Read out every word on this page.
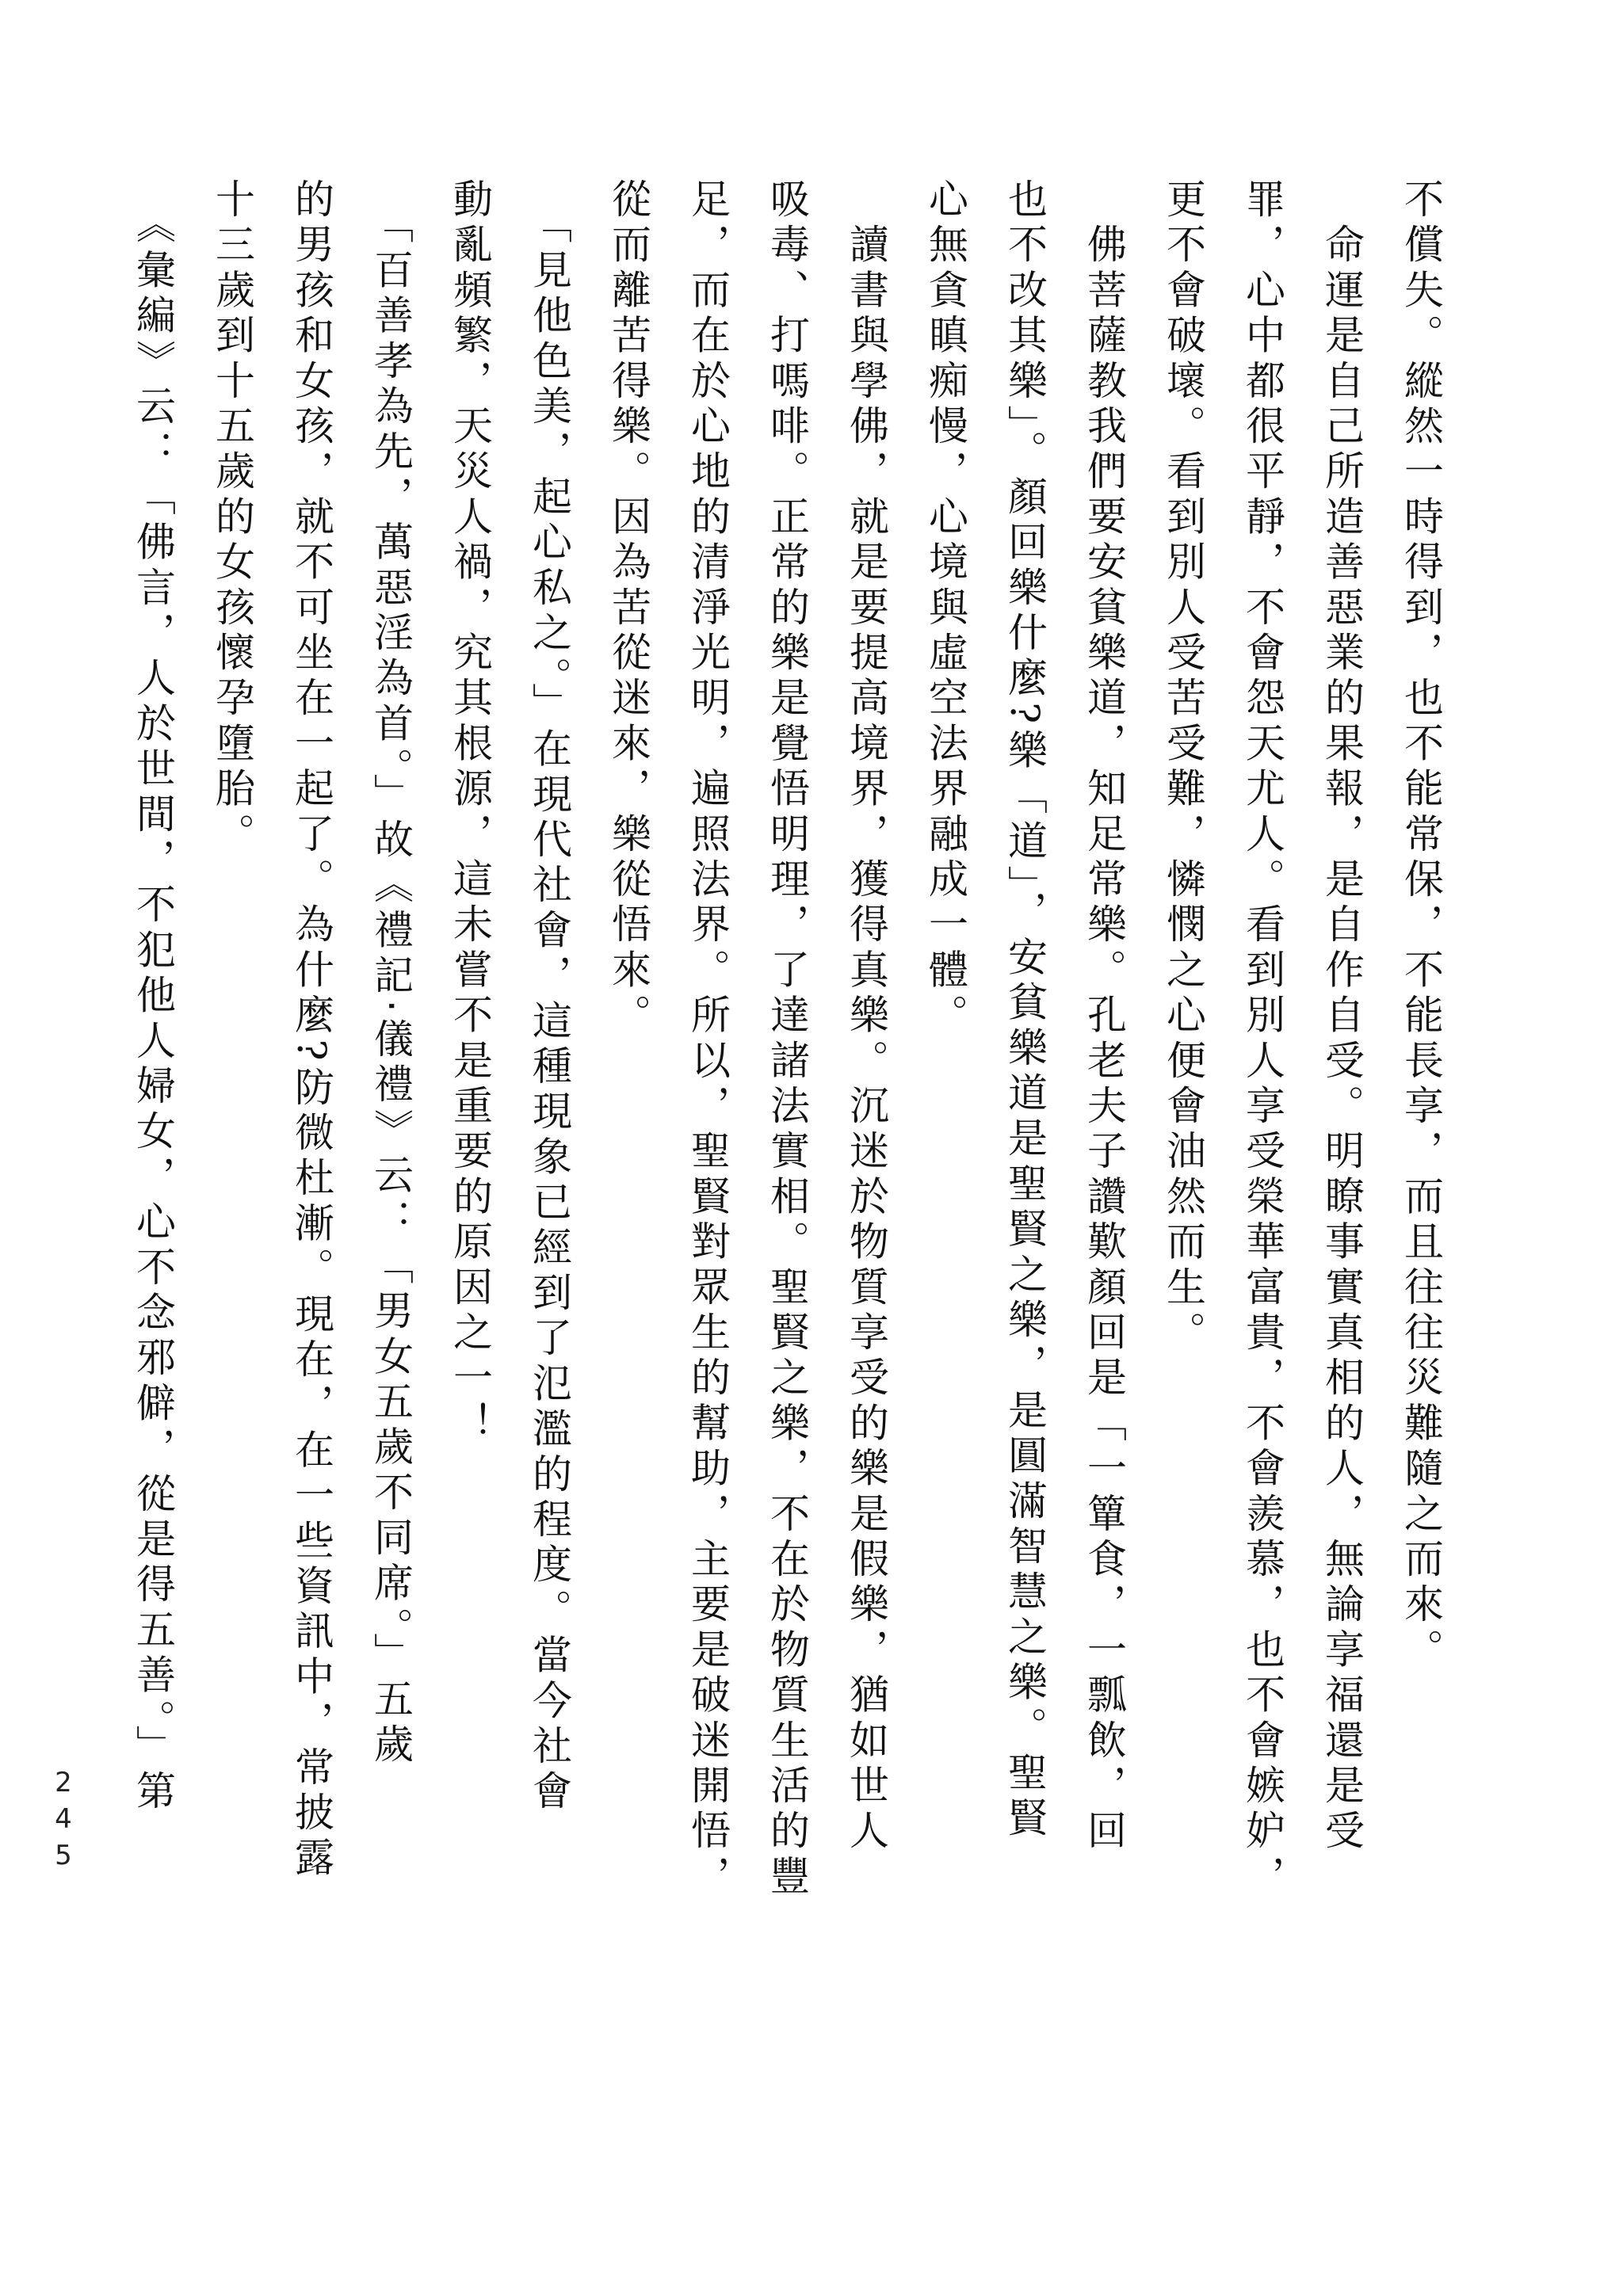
不償失。縱然一時得到，也不能常保，不能長享，而且往往災難隨之而來。
　命運是自己所造善惡業的果報，是自作自受。明瞭事實真相的人，無論享福還是受
罪，心中都很平靜，不會怨天尤人。看到別人享受榮華富貴，不會羨慕，也不會嫉妒，
更不會破壞。看到別人受苦受難，憐憫之心便會油然而生。
　佛菩薩教我們要安貧樂道，知足常樂。孔老夫子讚歎顏回是「一簞食，一瓢飲，回
也不改其樂」。顏回樂什麼?樂「道」，安貧樂道是聖賢之樂，是圓滿智慧之樂。聖賢
心無貪瞋痴慢，心境與虛空法界融成一體。
　讀書與學佛，就是要提高境界，獲得真樂。沉迷於物質享受的樂是假樂，猶如世人
吸毒、打嗎啡。正常的樂是覺悟明理，了達諸法實相。聖賢之樂，不在於物質生活的豐
足，而在於心地的清淨光明，遍照法界。所以，聖賢對眾生的幫助，主要是破迷開悟，
從而離苦得樂。因為苦從迷來，樂從悟來。
　「見他色美，起心私之。」在現代社會，這種現象已經到了氾濫的程度。當今社會
動亂頻繁，天災人禍，究其根源，這未嘗不是重要的原因之一！
　「百善孝為先，萬惡淫為首。」故《禮記‧儀禮》云：「男女五歲不同席。」五歲
的男孩和女孩，就不可坐在一起了。為什麼?防微杜漸。現在，在一些資訊中，常披露
十三歲到十五歲的女孩懷孕墮胎。
　《彙編》云：「佛言，人於世間，不犯他人婦女，心不念邪僻，從是得五善。」第
245
